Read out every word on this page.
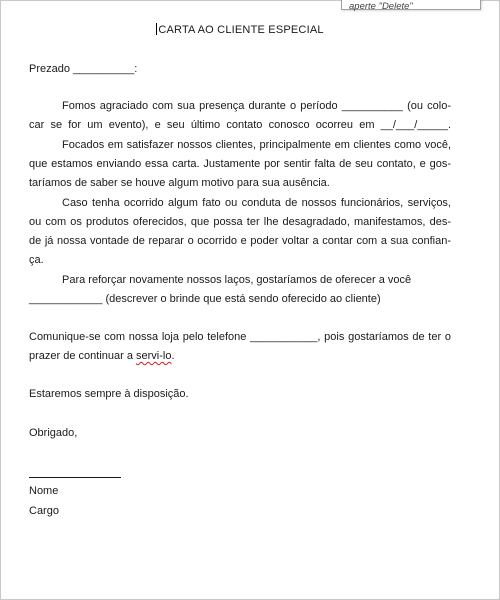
aperte "Delete"
CARTA AO CLIENTE ESPECIAL
Prezado __________:
Fomos agraciado com sua presença durante o período __________ (ou colo-
car se for um evento), e seu último contato conosco ocorreu em __/___/_____.
Focados em satisfazer nossos clientes, principalmente em clientes como você,
que estamos enviando essa carta. Justamente por sentir falta de seu contato, e gos-
taríamos de saber se houve algum motivo para sua ausência.
Caso tenha ocorrido algum fato ou conduta de nossos funcionários, serviços,
ou com os produtos oferecidos, que possa ter lhe desagradado, manifestamos, des-
de já nossa vontade de reparar o ocorrido e poder voltar a contar com a sua confian-
ça.
Para reforçar novamente nossos laços, gostaríamos de oferecer a você
____________ (descrever o brinde que está sendo oferecido ao cliente)
Comunique-se com nossa loja pelo telefone ___________, pois gostaríamos de ter o
prazer de continuar a servi-lo.
Estaremos sempre à disposição.
Obrigado,
Nome
Cargo
